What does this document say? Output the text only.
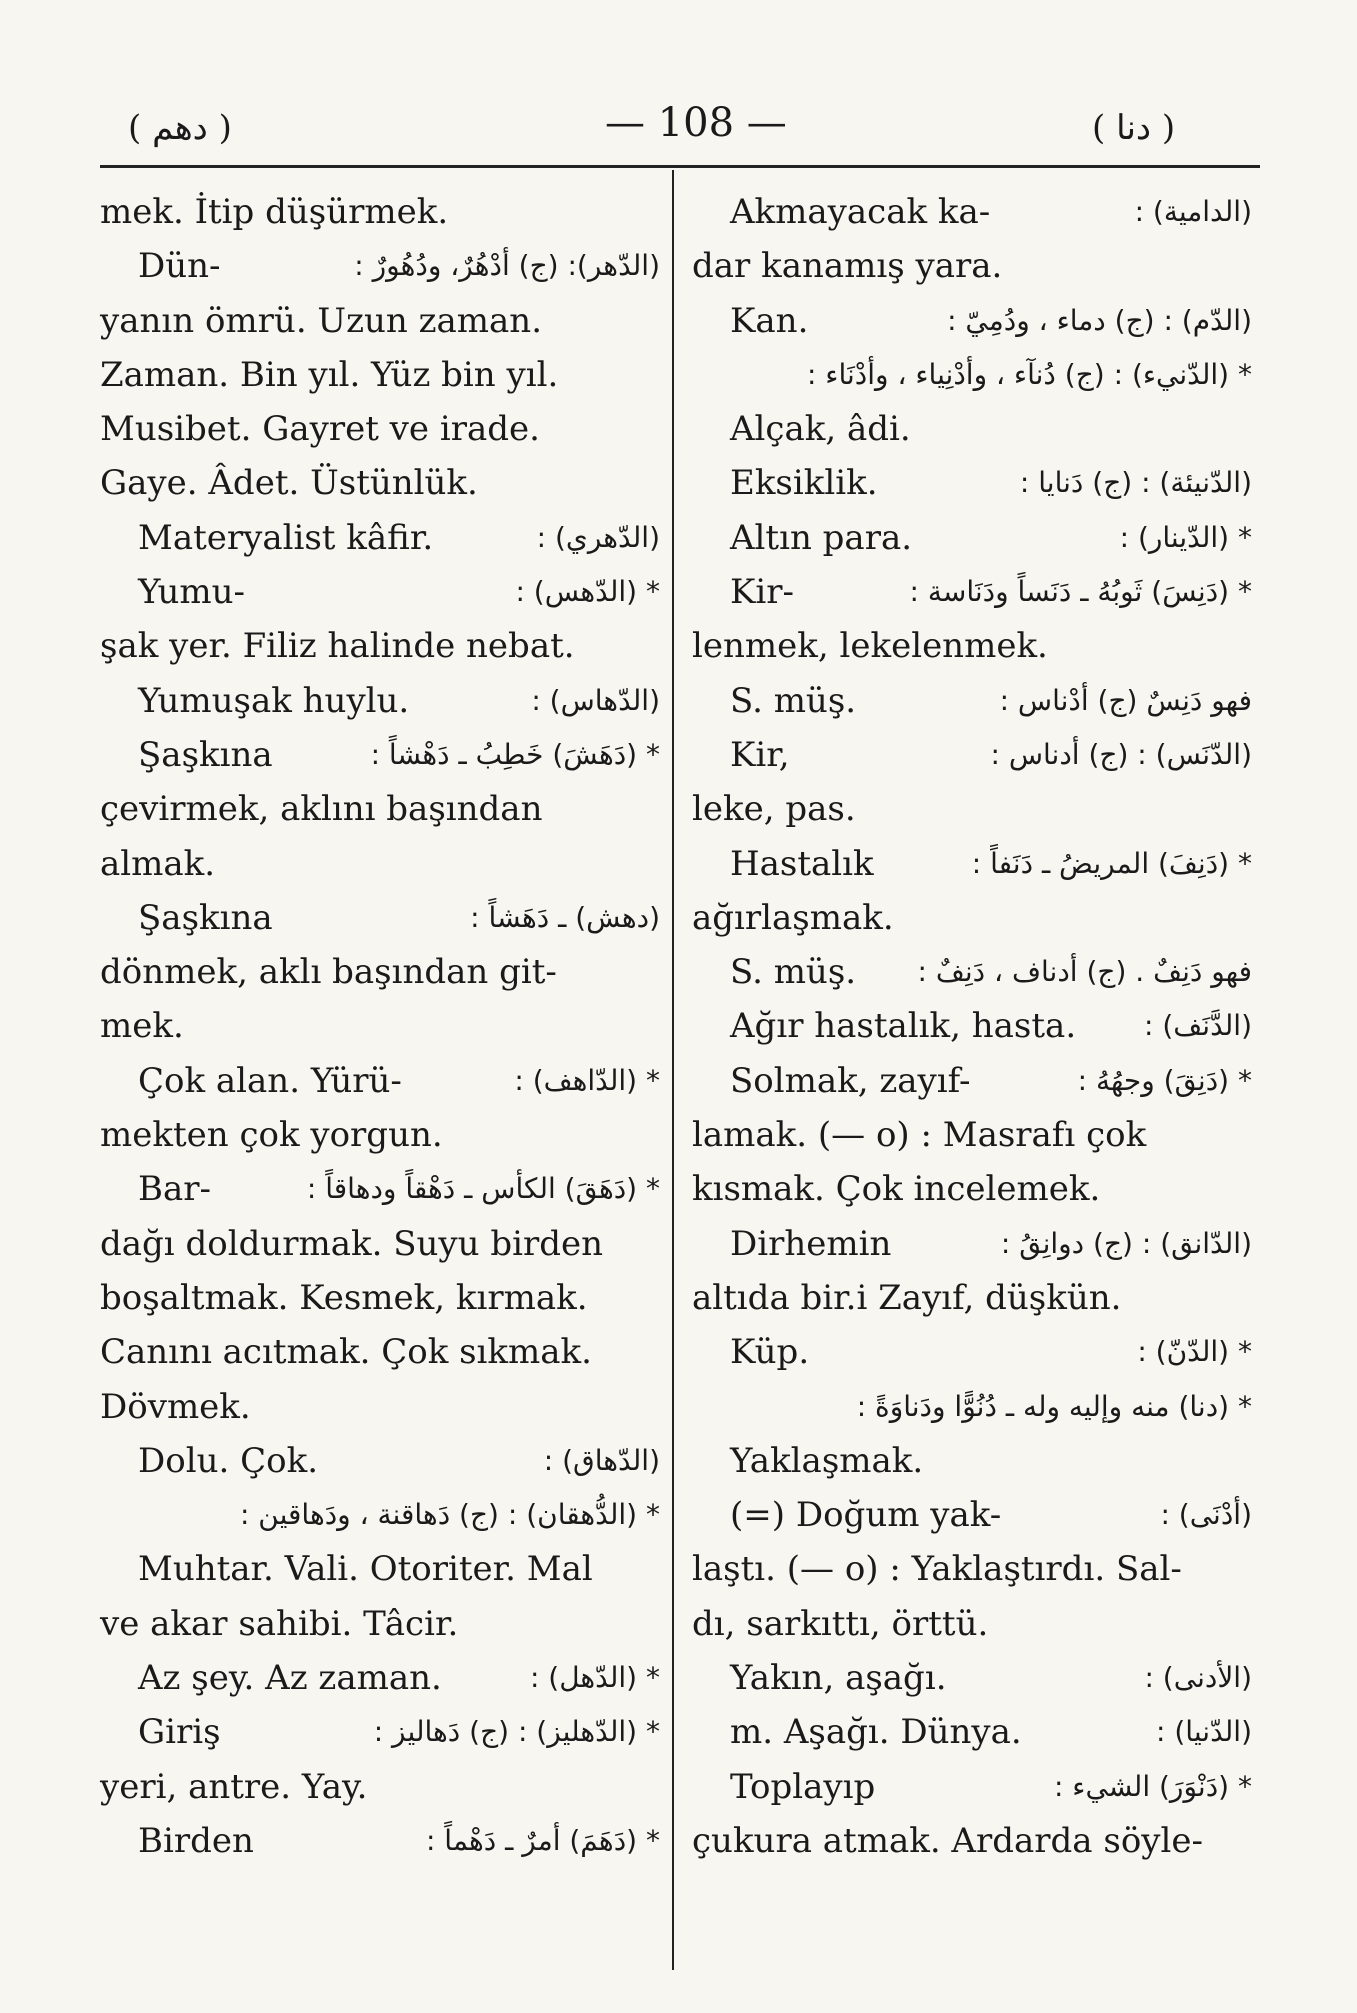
( دهم )	— 108 —	( دنا )
mek. İtip düşürmek.
Dün-	(الدّهر): (ج) أدْهُرٌ، ودُهُورٌ :
yanın ömrü. Uzun zaman.
Zaman. Bin yıl. Yüz bin yıl.
Musibet. Gayret ve irade.
Gaye. Âdet. Üstünlük.
Materyalist kâfir.	(الدّهري) :
Yumu-	* (الدّهس) :
şak yer. Filiz halinde nebat.
Yumuşak huylu.	(الدّهاس) :
Şaşkına	* (دَهَشَ) خَطِبُ ـ دَهْشاً :
çevirmek, aklını başından
almak.
Şaşkına	(دهش) ـ دَهَشاً :
dönmek, aklı başından git-
mek.
Çok alan. Yürü-	* (الدّاهف) :
mekten çok yorgun.
Bar-	* (دَهَقَ) الكأس ـ دَهْقاً ودهاقاً :
dağı doldurmak. Suyu birden
boşaltmak. Kesmek, kırmak.
Canını acıtmak. Çok sıkmak.
Dövmek.
Dolu. Çok.	(الدّهاق) :
* (الدُّهقان) : (ج) دَهاقنة ، ودَهاقين :
Muhtar. Vali. Otoriter. Mal
ve akar sahibi. Tâcir.
Az şey. Az zaman.	* (الدّهل) :
Giriş	* (الدّهليز) : (ج) دَهاليز :
yeri, antre. Yay.
Birden	* (دَهَمَ) أمرٌ ـ دَهْماً :
Akmayacak ka-	(الدامية) :
dar kanamış yara.
Kan.	(الدّم) : (ج) دماء ، ودُمِيّ :
* (الدّنيء) : (ج) دُنآء ، وأدْنِياء ، وأدْنَاء :
Alçak, âdi.
Eksiklik.	(الدّنيئة) : (ج) دَنايا :
Altın para.	* (الدّينار) :
Kir-	* (دَنِسَ) ثَوبُهُ ـ دَنَساً ودَنَاسة :
lenmek, lekelenmek.
S. müş.	فهو دَنِسٌ (ج) أدْناس :
Kir,	(الدّنَس) : (ج) أدناس :
leke, pas.
Hastalık	* (دَنِفَ) المريضُ ـ دَنَفاً :
ağırlaşmak.
S. müş. فهو دَنِفٌ . (ج) أدناف ، دَنِفٌ :
Ağır hastalık, hasta. (الدَّنَف) :
Solmak, zayıf-	* (دَنِقَ) وجهُهُ :
lamak. (— o) : Masrafı çok
kısmak. Çok incelemek.
Dirhemin	(الدّانق) : (ج) دوانِقُ :
altıda bir.i Zayıf, düşkün.
Küp.	* (الدّنّ) :
* (دنا) منه وإليه وله ـ دُنُوًّا ودَناوَةً :
Yaklaşmak.
(=) Doğum yak-	(أدْنَى) :
laştı. (— o) : Yaklaştırdı. Sal-
dı, sarkıttı, örttü.
Yakın, aşağı.	(الأدنى) :
m. Aşağı. Dünya.	(الدّنيا) :
Toplayıp	* (دَنْوَرَ) الشيء :
çukura atmak. Ardarda söyle-
